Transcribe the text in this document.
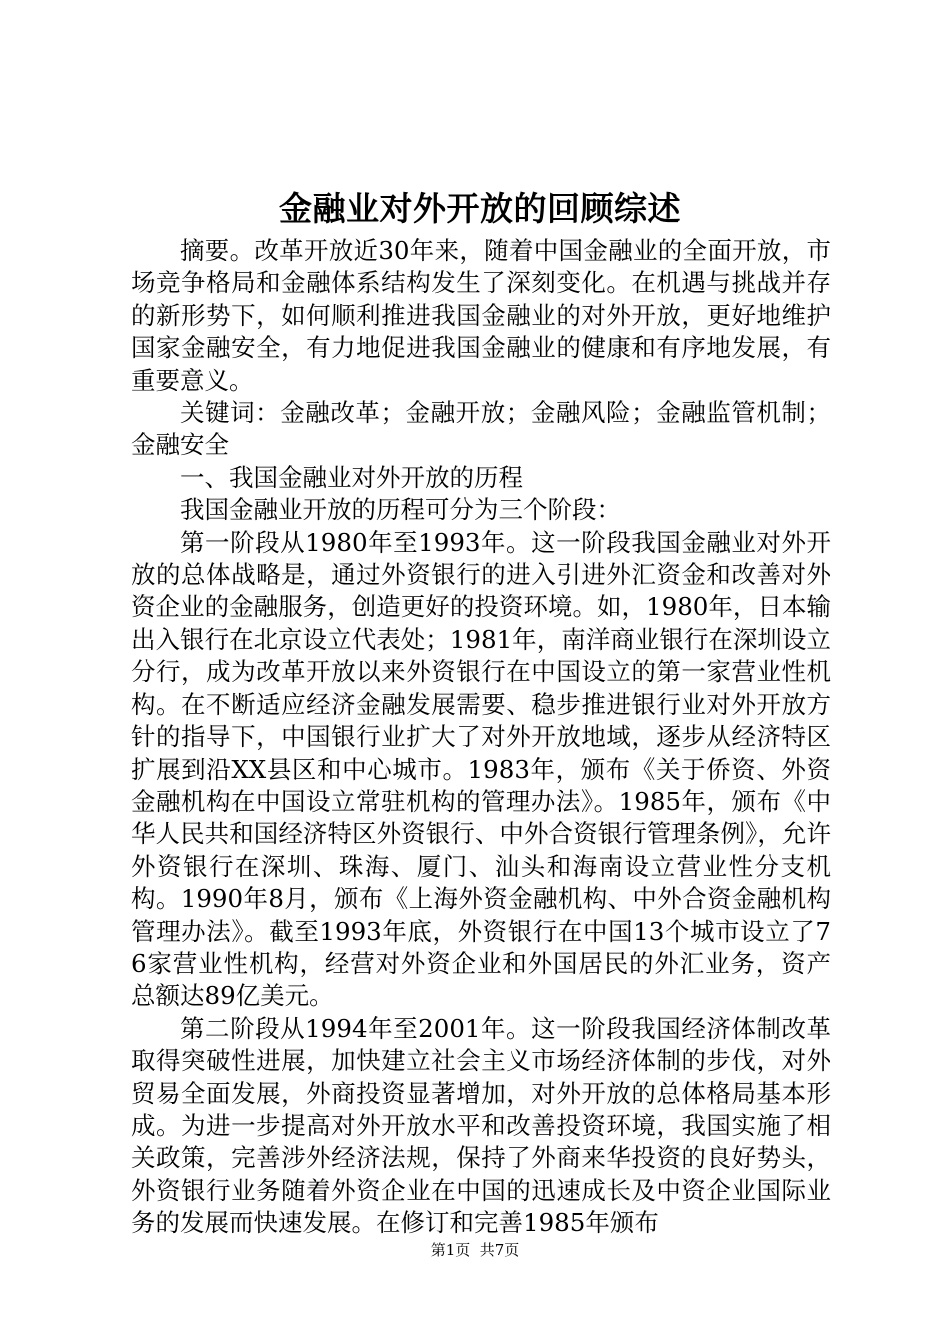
金融业对外开放的回顾综述

摘要。改革开放近30年来，随着中国金融业的全面开放，市场竞争格局和金融体系结构发生了深刻变化。在机遇与挑战并存的新形势下，如何顺利推进我国金融业的对外开放，更好地维护国家金融安全，有力地促进我国金融业的健康和有序地发展，有重要意义。

关键词：金融改革；金融开放；金融风险；金融监管机制；金融安全

一、我国金融业对外开放的历程

我国金融业开放的历程可分为三个阶段：

第一阶段从1980年至1993年。这一阶段我国金融业对外开放的总体战略是，通过外资银行的进入引进外汇资金和改善对外资企业的金融服务，创造更好的投资环境。如，1980年，日本输出入银行在北京设立代表处；1981年，南洋商业银行在深圳设立分行，成为改革开放以来外资银行在中国设立的第一家营业性机构。在不断适应经济金融发展需要、稳步推进银行业对外开放方针的指导下，中国银行业扩大了对外开放地域，逐步从经济特区扩展到沿XX县区和中心城市。1983年，颁布《关于侨资、外资金融机构在中国设立常驻机构的管理办法》。1985年，颁布《中华人民共和国经济特区外资银行、中外合资银行管理条例》，允许外资银行在深圳、珠海、厦门、汕头和海南设立营业性分支机构。1990年8月，颁布《上海外资金融机构、中外合资金融机构管理办法》。截至1993年底，外资银行在中国13个城市设立了76家营业性机构，经营对外资企业和外国居民的外汇业务，资产总额达89亿美元。

第二阶段从1994年至2001年。这一阶段我国经济体制改革取得突破性进展，加快建立社会主义市场经济体制的步伐，对外贸易全面发展，外商投资显著增加，对外开放的总体格局基本形成。为进一步提高对外开放水平和改善投资环境，我国实施了相关政策，完善涉外经济法规，保持了外商来华投资的良好势头，外资银行业务随着外资企业在中国的迅速成长及中资企业国际业务的发展而快速发展。在修订和完善1985年颁布

第1页  共7页
